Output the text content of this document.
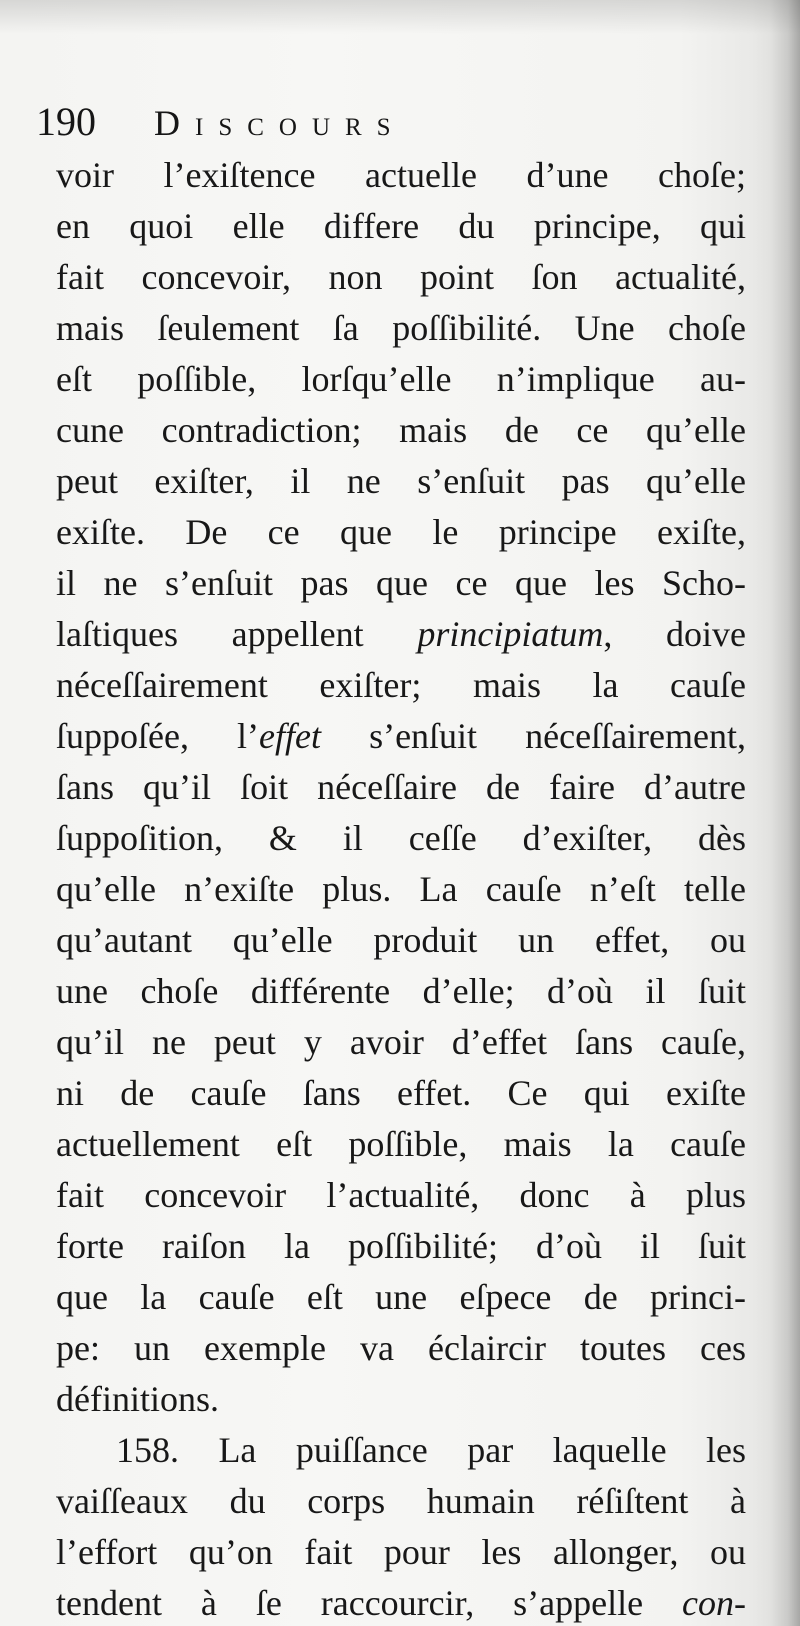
190 Discours
voir l’exiſtence actuelle d’une choſe;
en quoi elle differe du principe, qui
fait concevoir, non point ſon actualité,
mais ſeulement ſa poſſibilité. Une choſe
eſt poſſible, lorſqu’elle n’implique au-
cune contradiction; mais de ce qu’elle
peut exiſter, il ne s’enſuit pas qu’elle
exiſte. De ce que le principe exiſte,
il ne s’enſuit pas que ce que les Scho-
laſtiques appellent principiatum, doive
néceſſairement exiſter; mais la cauſe
ſuppoſée, l’effet s’enſuit néceſſairement,
ſans qu’il ſoit néceſſaire de faire d’autre
ſuppoſition, & il ceſſe d’exiſter, dès
qu’elle n’exiſte plus. La cauſe n’eſt telle
qu’autant qu’elle produit un effet, ou
une choſe différente d’elle; d’où il ſuit
qu’il ne peut y avoir d’effet ſans cauſe,
ni de cauſe ſans effet. Ce qui exiſte
actuellement eſt poſſible, mais la cauſe
fait concevoir l’actualité, donc à plus
forte raiſon la poſſibilité; d’où il ſuit
que la cauſe eſt une eſpece de princi-
pe: un exemple va éclaircir toutes ces
définitions.
158. La puiſſance par laquelle les
vaiſſeaux du corps humain réſiſtent à
l’effort qu’on fait pour les allonger, ou
tendent à ſe raccourcir, s’appelle con-
